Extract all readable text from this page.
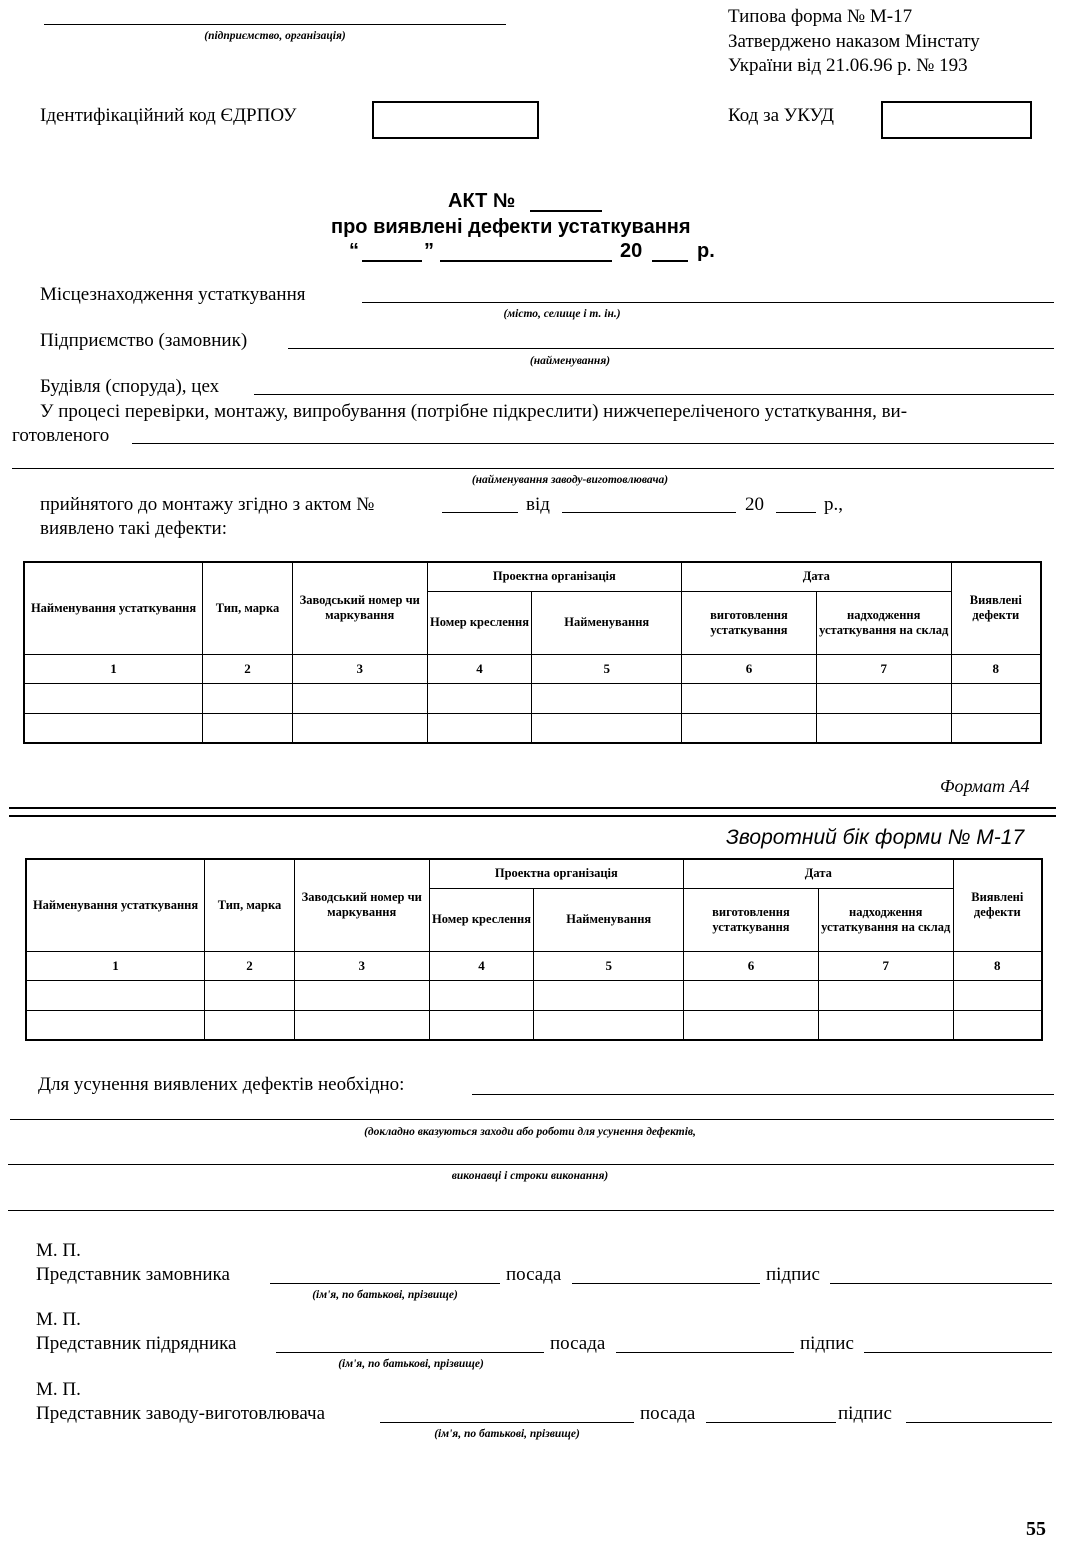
(підприємство, організація)
Типова форма № М-17
Затверджено наказом Мінстату
України від 21.06.96 р. № 193
Ідентифікаційний код ЄДРПОУ	Код за УКУД
АКТ №
про виявлені дефекти устаткування
“	”	20	р.
Місцезнаходження устаткування
(місто, селище і т. ін.)
Підприємство (замовник)
(найменування)
Будівля (споруда), цех
У процесі перевірки, монтажу, випробування (потрібне підкреслити) нижчепереліченого устаткування, ви-
готовленого
(найменування заводу-виготовлювача)
прийнятого до монтажу згідно з актом №	від	20	р.,
виявлено такі дефекти:
Найменування устаткування	Тип, марка	Заводський номер чи маркування	Проектна організація		Дата		Виявлені дефекти
			Номер креслення	Найменування	виготовлення устаткування	надходження устаткування на склад	
1	2	3	4	5	6	7	8

Формат А4
Зворотний бік форми № М-17
Найменування устаткування	Тип, марка	Заводський номер чи маркування	Проектна організація		Дата		Виявлені дефекти
			Номер креслення	Найменування	виготовлення устаткування	надходження устаткування на склад	
1	2	3	4	5	6	7	8

Для усунення виявлених дефектів необхідно:
(докладно вказуються заходи або роботи для усунення дефектів,
виконавці і строки виконання)
М. П.
Представник замовника	посада	підпис
(ім'я, по батькові, прізвище)
М. П.
Представник підрядника	посада	підпис
(ім'я, по батькові, прізвище)
М. П.
Представник заводу-виготовлювача	посада	підпис
(ім'я, по батькові, прізвище)
55
